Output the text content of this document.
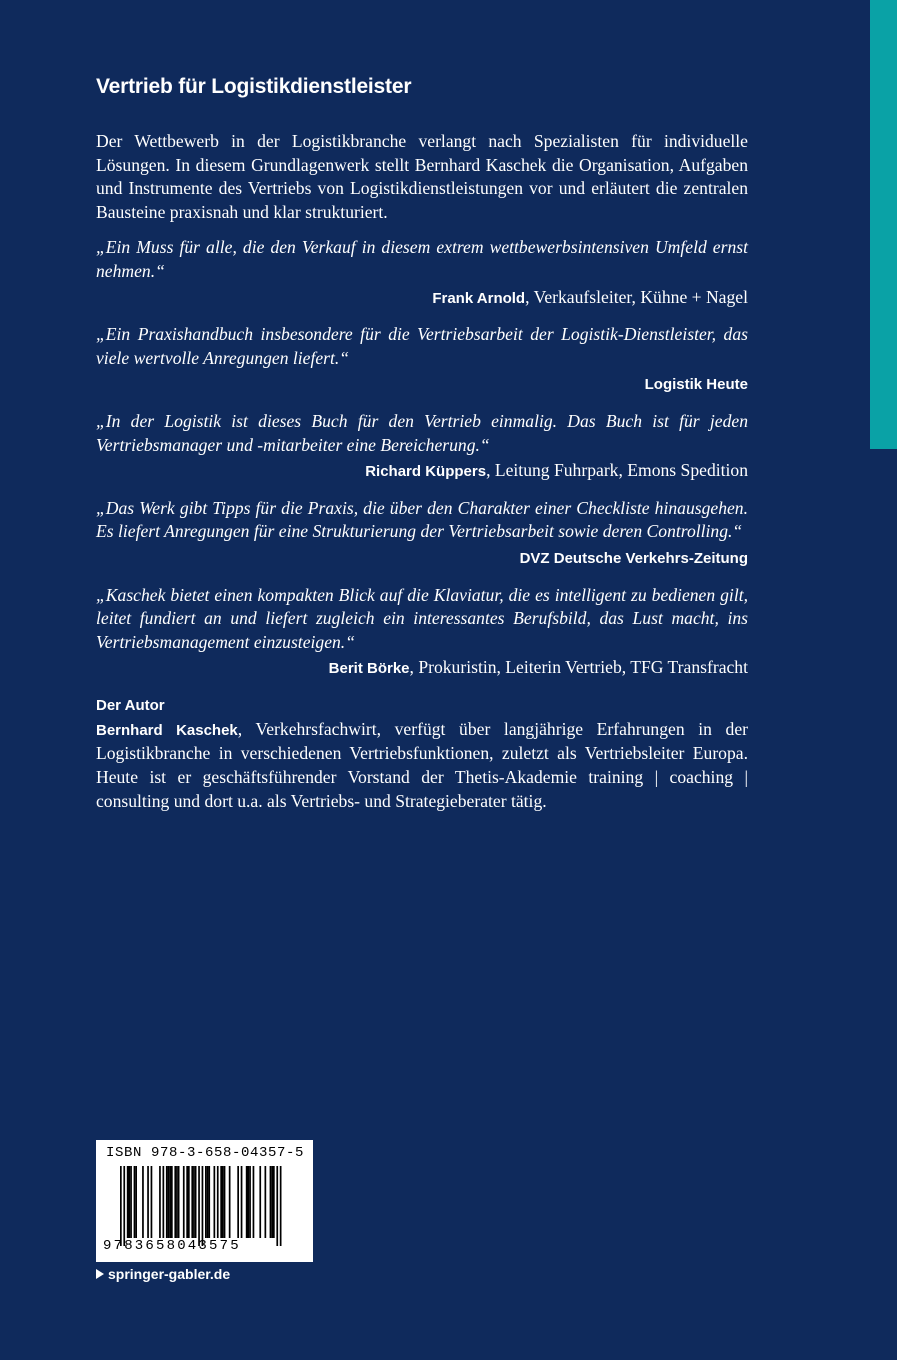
Vertrieb für Logistikdienstleister

Der Wettbewerb in der Logistikbranche verlangt nach Spezialisten für individuelle Lösungen. In diesem Grundlagenwerk stellt Bernhard Kaschek die Organisation, Aufgaben und Instrumente des Vertriebs von Logistikdienstleistungen vor und erläutert die zentralen Bausteine praxisnah und klar strukturiert.

„Ein Muss für alle, die den Verkauf in diesem extrem wettbewerbsintensiven Umfeld ernst nehmen.“

Frank Arnold, Verkaufsleiter, Kühne + Nagel

„Ein Praxishandbuch insbesondere für die Vertriebsarbeit der Logistik-Dienstleister, das viele wertvolle Anregungen liefert.“

Logistik Heute

„In der Logistik ist dieses Buch für den Vertrieb einmalig. Das Buch ist für jeden Vertriebsmanager und -mitarbeiter eine Bereicherung.“

Richard Küppers, Leitung Fuhrpark, Emons Spedition

„Das Werk gibt Tipps für die Praxis, die über den Charakter einer Checkliste hinausgehen. Es liefert Anregungen für eine Strukturierung der Vertriebsarbeit sowie deren Controlling.“

DVZ Deutsche Verkehrs-Zeitung

„Kaschek bietet einen kompakten Blick auf die Klaviatur, die es intelligent zu bedienen gilt, leitet fundiert an und liefert zugleich ein interessantes Berufsbild, das Lust macht, ins Vertriebsmanagement einzusteigen.“

Berit Börke, Prokuristin, Leiterin Vertrieb, TFG Transfracht

Der Autor

Bernhard Kaschek, Verkehrsfachwirt, verfügt über langjährige Erfahrungen in der Logistikbranche in verschiedenen Vertriebsfunktionen, zuletzt als Vertriebsleiter Europa. Heute ist er geschäftsführender Vorstand der Thetis-Akademie training | coaching | consulting und dort u.a. als Vertriebs- und Strategieberater tätig.

ISBN 978-3-658-04357-5
9783658043575
springer-gabler.de
